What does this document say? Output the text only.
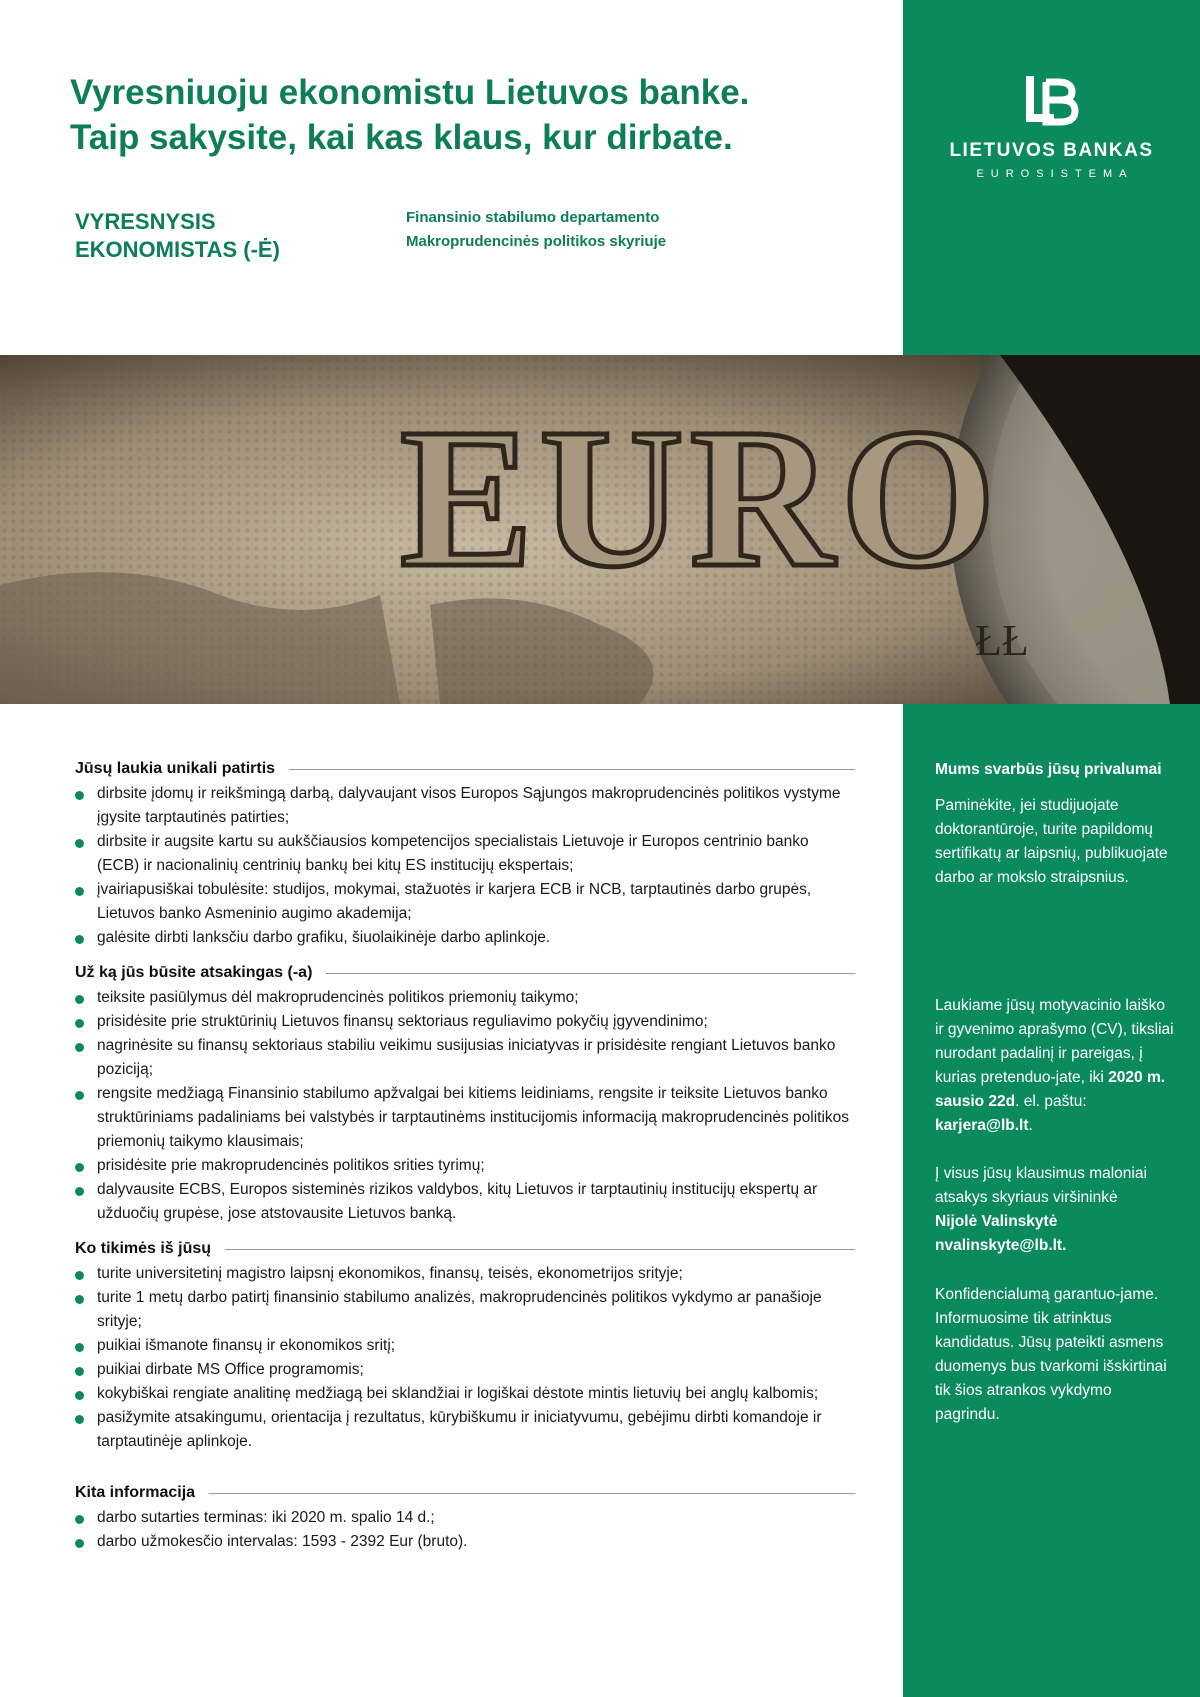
LIETUVOS BANKAS
EUROSISTEMA
Vyresniuoju ekonomistu Lietuvos banke.
Taip sakysite, kai kas klaus, kur dirbate.
VYRESNYSIS
EKONOMISTAS (-Ė)
Finansinio stabilumo departamento
Makroprudencinės politikos skyriuje
EURO
ŁŁ
Jūsų laukia unikali patirtis
dirbsite įdomų ir reikšmingą darbą, dalyvaujant visos Europos Sąjungos makroprudencinės politikos vystyme įgysite tarptautinės patirties;
dirbsite ir augsite kartu su aukščiausios kompetencijos specialistais Lietuvoje ir Europos centrinio banko (ECB) ir nacionalinių centrinių bankų bei kitų ES institucijų ekspertais;
įvairiapusiškai tobulėsite: studijos, mokymai, stažuotės ir karjera ECB ir NCB, tarptautinės darbo grupės, Lietuvos banko Asmeninio augimo akademija;
galėsite dirbti lanksčiu darbo grafiku, šiuolaikinėje darbo aplinkoje.
Už ką jūs būsite atsakingas (-a)
teiksite pasiūlymus dėl makroprudencinės politikos priemonių taikymo;
prisidėsite prie struktūrinių Lietuvos finansų sektoriaus reguliavimo pokyčių įgyvendinimo;
nagrinėsite su finansų sektoriaus stabiliu veikimu susijusias iniciatyvas ir prisidėsite rengiant Lietuvos banko poziciją;
rengsite medžiagą Finansinio stabilumo apžvalgai bei kitiems leidiniams, rengsite ir teiksite Lietuvos banko struktūriniams padaliniams bei valstybės ir tarptautinėms institucijomis informaciją makroprudencinės politikos priemonių taikymo klausimais;
prisidėsite prie makroprudencinės politikos srities tyrimų;
dalyvausite ECBS, Europos sisteminės rizikos valdybos, kitų Lietuvos ir tarptautinių institucijų ekspertų ar užduočių grupėse, jose atstovausite Lietuvos banką.
Ko tikimės iš jūsų
turite universitetinį magistro laipsnį ekonomikos, finansų, teisės, ekonometrijos srityje;
turite 1 metų darbo patirtį finansinio stabilumo analizės, makroprudencinės politikos vykdymo ar panašioje srityje;
puikiai išmanote finansų ir ekonomikos sritį;
puikiai dirbate MS Office programomis;
kokybiškai rengiate analitinę medžiagą bei sklandžiai ir logiškai dėstote mintis lietuvių bei anglų kalbomis;
pasižymite atsakingumu, orientacija į rezultatus, kūrybiškumu ir iniciatyvumu, gebėjimu dirbti komandoje ir tarptautinėje aplinkoje.
Kita informacija
darbo sutarties terminas: iki 2020 m. spalio 14 d.;
darbo užmokesčio intervalas: 1593 - 2392 Eur (bruto).

Mums svarbūs jūsų privalumai

Paminėkite, jei studijuojate doktorantūroje, turite papildomų sertifikatų ar laipsnių, publikuojate darbo ar mokslo straipsnius.

Laukiame jūsų motyvacinio laiško ir gyvenimo aprašymo (CV), tiksliai nurodant padalinį ir pareigas, į kurias pretenduo-jate, iki 2020 m. sausio 22d. el. paštu: karjera@lb.lt.

Į visus jūsų klausimus maloniai atsakys skyriaus viršininkė

Nijolė Valinskytė

nvalinskyte@lb.lt.

Konfidencialumą garantuo-jame. Informuosime tik atrinktus kandidatus. Jūsų pateikti asmens duomenys bus tvarkomi išskirtinai tik šios atrankos vykdymo pagrindu.
